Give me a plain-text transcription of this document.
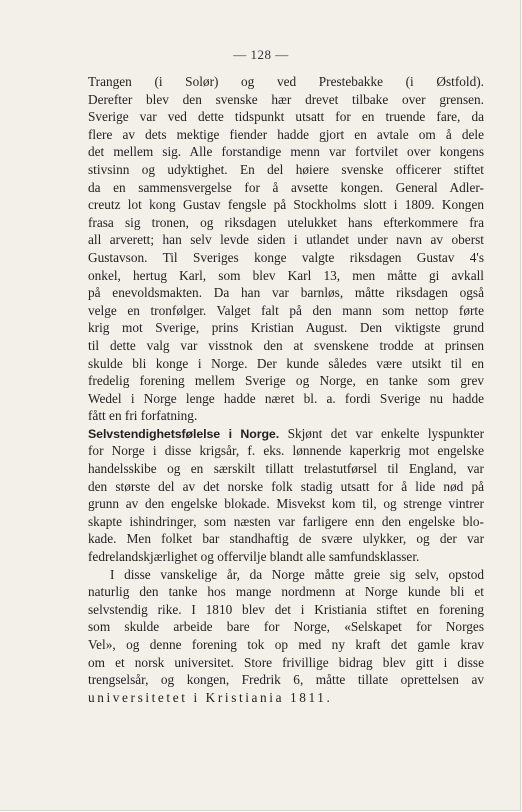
— 128 —
Trangen (i Solør) og ved Prestebakke (i Østfold).
Derefter blev den svenske hær drevet tilbake over grensen.
Sverige var ved dette tidspunkt utsatt for en truende fare, da
flere av dets mektige fiender hadde gjort en avtale om å dele
det mellem sig. Alle forstandige menn var fortvilet over kongens
stivsinn og udyktighet. En del høiere svenske officerer stiftet
da en sammensvergelse for å avsette kongen. General Adler-
creutz lot kong Gustav fengsle på Stockholms slott i 1809. Kongen
frasa sig tronen, og riksdagen utelukket hans efterkommere fra
all arverett; han selv levde siden i utlandet under navn av oberst
Gustavson. Til Sveriges konge valgte riksdagen Gustav 4's
onkel, hertug Karl, som blev Karl 13, men måtte gi avkall
på enevoldsmakten. Da han var barnløs, måtte riksdagen også
velge en tronfølger. Valget falt på den mann som nettop førte
krig mot Sverige, prins Kristian August. Den viktigste grund
til dette valg var visstnok den at svenskene trodde at prinsen
skulde bli konge i Norge. Der kunde således være utsikt til en
fredelig forening mellem Sverige og Norge, en tanke som grev
Wedel i Norge lenge hadde næret bl. a. fordi Sverige nu hadde
fått en fri forfatning.
Selvstendighetsfølelse i Norge. Skjønt det var enkelte lyspunkter
for Norge i disse krigsår, f. eks. lønnende kaperkrig mot engelske
handelsskibe og en særskilt tillatt trelastutførsel til England, var
den største del av det norske folk stadig utsatt for å lide nød på
grunn av den engelske blokade. Misvekst kom til, og strenge vintrer
skapte ishindringer, som næsten var farligere enn den engelske blo-
kade. Men folket bar standhaftig de svære ulykker, og der var
fedrelandskjærlighet og offervilje blandt alle samfundsklasser.
I disse vanskelige år, da Norge måtte greie sig selv, opstod
naturlig den tanke hos mange nordmenn at Norge kunde bli et
selvstendig rike. I 1810 blev det i Kristiania stiftet en forening
som skulde arbeide bare for Norge, «Selskapet for Norges
Vel», og denne forening tok op med ny kraft det gamle krav
om et norsk universitet. Store frivillige bidrag blev gitt i disse
trengselsår, og kongen, Fredrik 6, måtte tillate oprettelsen av
universitetet i Kristiania 1811.
